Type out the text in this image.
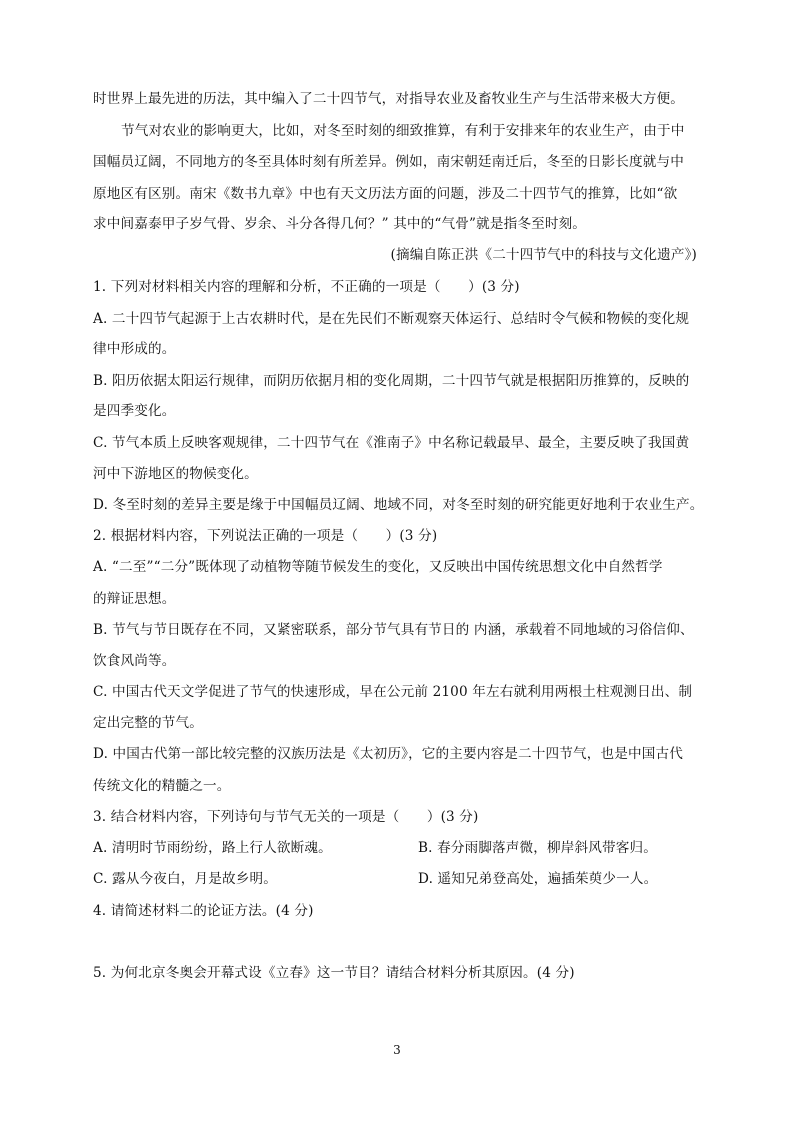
时世界上最先进的历法，其中编入了二十四节气，对指导农业及畜牧业生产与生活带来极大方便。
节气对农业的影响更大，比如，对冬至时刻的细致推算，有利于安排来年的农业生产，由于中
国幅员辽阔，不同地方的冬至具体时刻有所差异。例如，南宋朝廷南迁后，冬至的日影长度就与中
原地区有区别。南宋《数书九章》中也有天文历法方面的问题，涉及二十四节气的推算，比如“欲
求中间嘉泰甲子岁气骨、岁余、斗分各得几何？” 其中的“气骨”就是指冬至时刻。
(摘编自陈正洪《二十四节气中的科技与文化遗产》)
1. 下列对材料相关内容的理解和分析，不正确的一项是（　　）(3 分)
A. 二十四节气起源于上古农耕时代，是在先民们不断观察天体运行、总结时令气候和物候的变化规
律中形成的。
B. 阳历依据太阳运行规律，而阴历依据月相的变化周期，二十四节气就是根据阳历推算的，反映的
是四季变化。
C. 节气本质上反映客观规律，二十四节气在《淮南子》中名称记载最早、最全，主要反映了我国黄
河中下游地区的物候变化。
D. 冬至时刻的差异主要是缘于中国幅员辽阔、地域不同，对冬至时刻的研究能更好地利于农业生产。
2. 根据材料内容，下列说法正确的一项是（　　）(3 分)
A. “二至”“二分”既体现了动植物等随节候发生的变化，又反映出中国传统思想文化中自然哲学
的辩证思想。
B. 节气与节日既存在不同，又紧密联系，部分节气具有节日的 内涵，承载着不同地域的习俗信仰、
饮食风尚等。
C. 中国古代天文学促进了节气的快速形成，早在公元前 2100 年左右就利用两根土柱观测日出、制
定出完整的节气。
D. 中国古代第一部比较完整的汉族历法是《太初历》，它的主要内容是二十四节气，也是中国古代
传统文化的精髓之一。
3. 结合材料内容，下列诗句与节气无关的一项是（　　）(3 分)
A. 清明时节雨纷纷，路上行人欲断魂。	B. 春分雨脚落声微，柳岸斜风带客归。
C. 露从今夜白，月是故乡明。	D. 遥知兄弟登高处，遍插茱萸少一人。
4. 请简述材料二的论证方法。(4 分)
5. 为何北京冬奥会开幕式设《立春》这一节目？请结合材料分析其原因。(4 分)
3
